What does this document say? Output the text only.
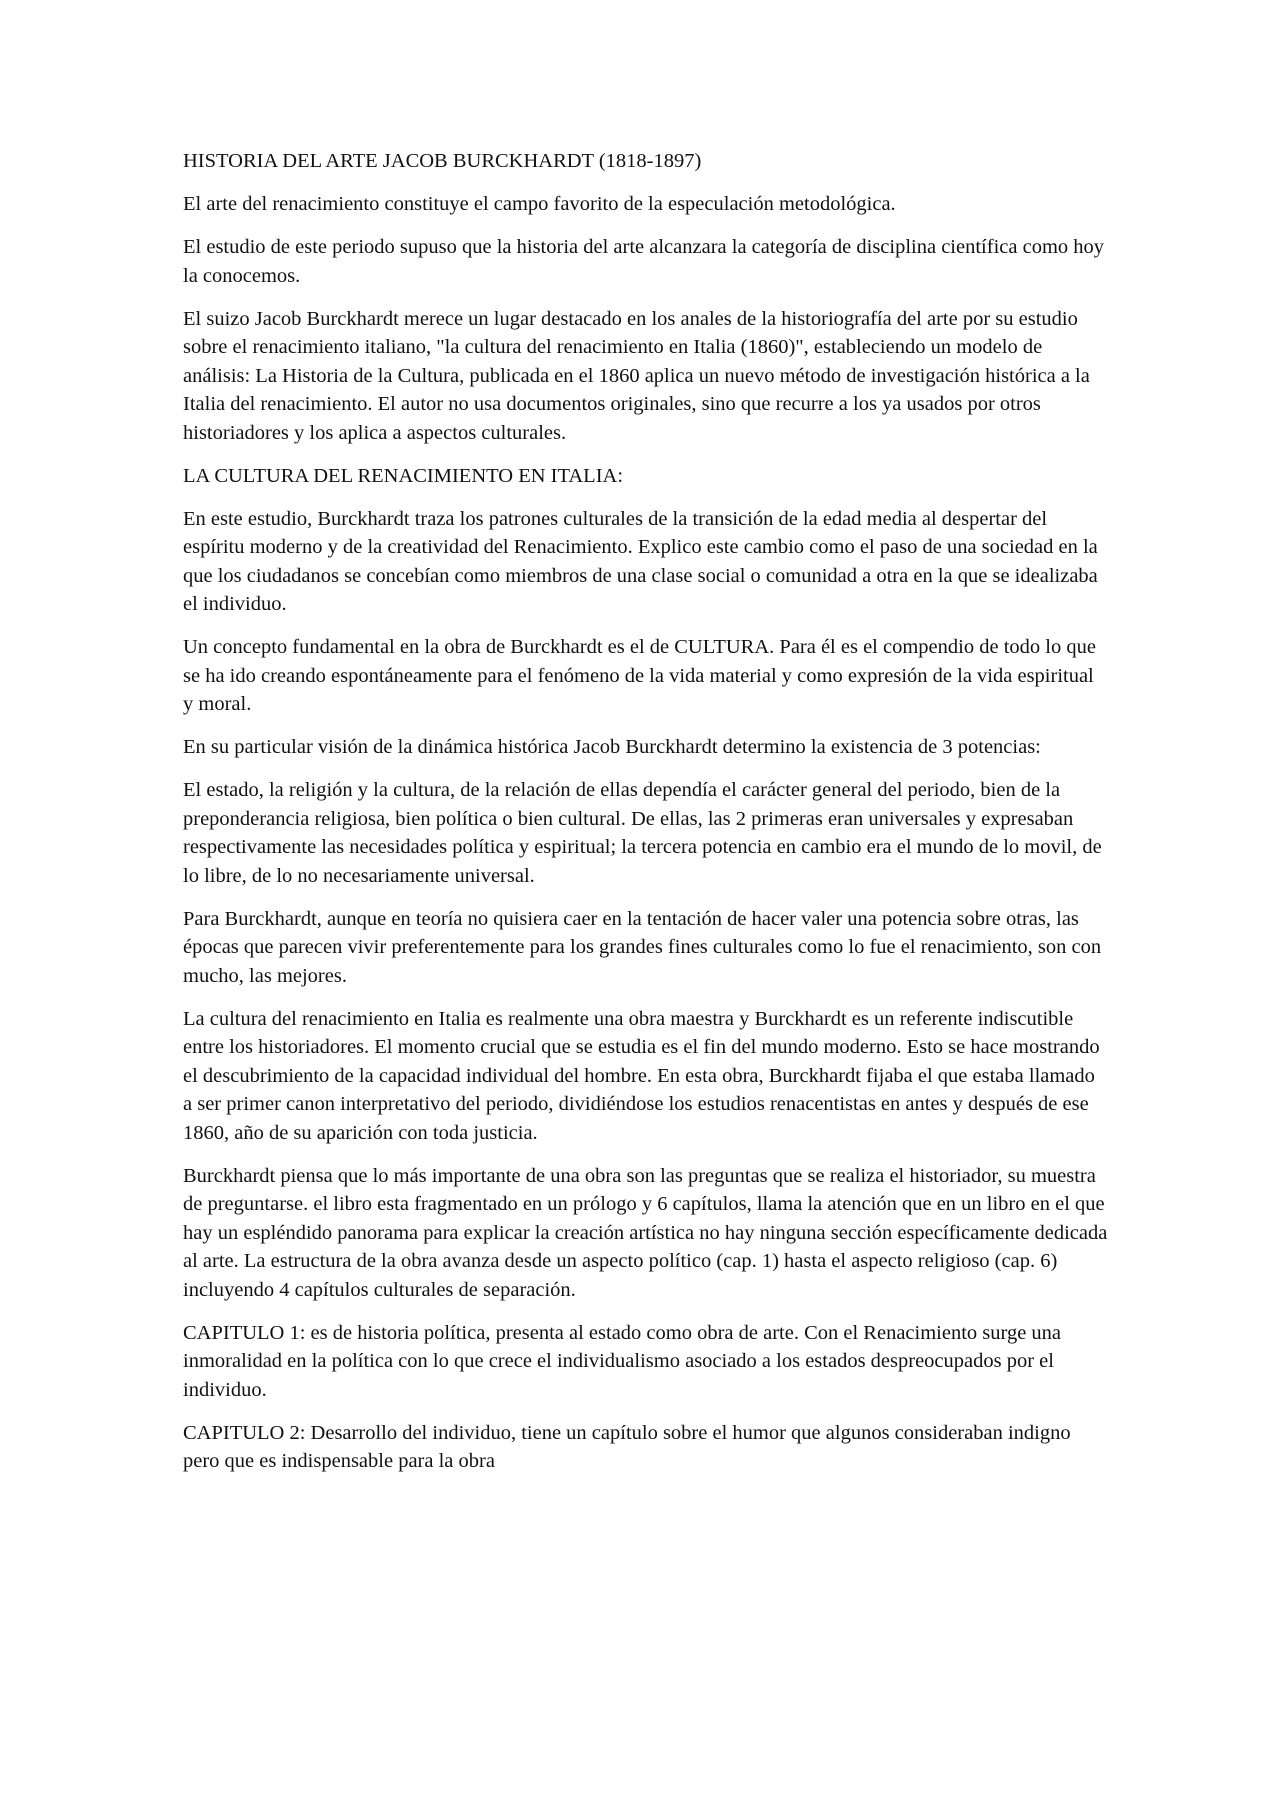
HISTORIA DEL ARTE JACOB BURCKHARDT (1818-1897)

El arte del renacimiento constituye el campo favorito de la especulación metodológica.

El estudio de este periodo supuso que la historia del arte alcanzara la categoría de disciplina científica como hoy la conocemos.

El suizo Jacob Burckhardt merece un lugar destacado en los anales de la historiografía del arte por su estudio sobre el renacimiento italiano, "la cultura del renacimiento en Italia (1860)", estableciendo un modelo de análisis: La Historia de la Cultura, publicada en el 1860 aplica un nuevo método de investigación histórica a la Italia del renacimiento. El autor no usa documentos originales, sino que recurre a los ya usados por otros historiadores y los aplica a aspectos culturales.

LA CULTURA DEL RENACIMIENTO EN ITALIA:

En este estudio, Burckhardt traza los patrones culturales de la transición de la edad media al despertar del espíritu moderno y de la creatividad del Renacimiento. Explico este cambio como el paso de una sociedad en la que los ciudadanos se concebían como miembros de una clase social o comunidad a otra en la que se idealizaba el individuo.

Un concepto fundamental en la obra de Burckhardt es el de CULTURA. Para él es el compendio de todo lo que se ha ido creando espontáneamente para el fenómeno de la vida material y como expresión de la vida espiritual y moral.

En su particular visión de la dinámica histórica Jacob Burckhardt determino la existencia de 3 potencias:

El estado, la religión y la cultura, de la relación de ellas dependía el carácter general del periodo, bien de la preponderancia religiosa, bien política o bien cultural. De ellas, las 2 primeras eran universales y expresaban respectivamente las necesidades política y espiritual; la tercera potencia en cambio era el mundo de lo movil, de lo libre, de lo no necesariamente universal.

Para Burckhardt, aunque en teoría no quisiera caer en la tentación de hacer valer una potencia sobre otras, las épocas que parecen vivir preferentemente para los grandes fines culturales como lo fue el renacimiento, son con mucho, las mejores.

La cultura del renacimiento en Italia es realmente una obra maestra y Burckhardt es un referente indiscutible entre los historiadores. El momento crucial que se estudia es el fin del mundo moderno. Esto se hace mostrando el descubrimiento de la capacidad individual del hombre. En esta obra, Burckhardt fijaba el que estaba llamado a ser primer canon interpretativo del periodo, dividiéndose los estudios renacentistas en antes y después de ese 1860, año de su aparición con toda justicia.

Burckhardt piensa que lo más importante de una obra son las preguntas que se realiza el historiador, su muestra de preguntarse. el libro esta fragmentado en un prólogo y 6 capítulos, llama la atención que en un libro en el que hay un espléndido panorama para explicar la creación artística no hay ninguna sección específicamente dedicada al arte. La estructura de la obra avanza desde un aspecto político (cap. 1) hasta el aspecto religioso (cap. 6) incluyendo 4 capítulos culturales de separación.

CAPITULO 1: es de historia política, presenta al estado como obra de arte. Con el Renacimiento surge una inmoralidad en la política con lo que crece el individualismo asociado a los estados despreocupados por el individuo.

CAPITULO 2: Desarrollo del individuo, tiene un capítulo sobre el humor que algunos consideraban indigno pero que es indispensable para la obra
